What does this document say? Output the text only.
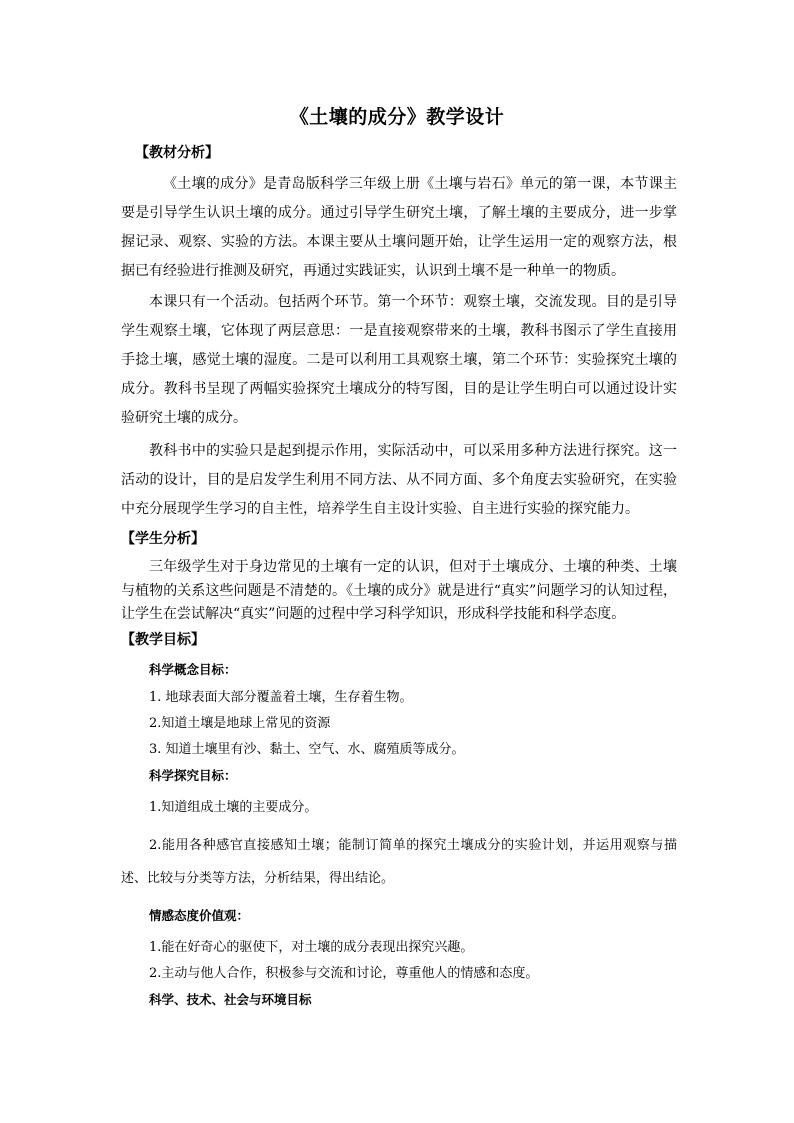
《土壤的成分》教学设计

【教材分析】

《土壤的成分》是青岛版科学三年级上册《土壤与岩石》单元的第一课，本节课主要是引导学生认识土壤的成分。通过引导学生研究土壤，了解土壤的主要成分，进一步掌握记录、观察、实验的方法。本课主要从土壤问题开始，让学生运用一定的观察方法，根据已有经验进行推测及研究，再通过实践证实，认识到土壤不是一种单一的物质。

本课只有一个活动。包括两个环节。第一个环节：观察土壤，交流发现。目的是引导学生观察土壤，它体现了两层意思：一是直接观察带来的土壤，教科书图示了学生直接用手捻土壤，感觉土壤的湿度。二是可以利用工具观察土壤，第二个环节：实验探究土壤的成分。教科书呈现了两幅实验探究土壤成分的特写图，目的是让学生明白可以通过设计实验研究土壤的成分。

教科书中的实验只是起到提示作用，实际活动中，可以采用多种方法进行探究。这一活动的设计，目的是启发学生利用不同方法、从不同方面、多个角度去实验研究，在实验中充分展现学生学习的自主性，培养学生自主设计实验、自主进行实验的探究能力。

【学生分析】

三年级学生对于身边常见的土壤有一定的认识，但对于土壤成分、土壤的种类、土壤与植物的关系这些问题是不清楚的。《土壤的成分》就是进行“真实”问题学习的认知过程，让学生在尝试解决“真实”问题的过程中学习科学知识，形成科学技能和科学态度。

【教学目标】

科学概念目标：

1. 地球表面大部分覆盖着土壤，生存着生物。

2.知道土壤是地球上常见的资源

3. 知道土壤里有沙、黏土、空气、水、腐殖质等成分。

科学探究目标：

1.知道组成土壤的主要成分。

2.能用各种感官直接感知土壤；能制订简单的探究土壤成分的实验计划，并运用观察与描述、比较与分类等方法，分析结果，得出结论。

情感态度价值观：

1.能在好奇心的驱使下，对土壤的成分表现出探究兴趣。

2.主动与他人合作，积极参与交流和讨论，尊重他人的情感和态度。

科学、技术、社会与环境目标
